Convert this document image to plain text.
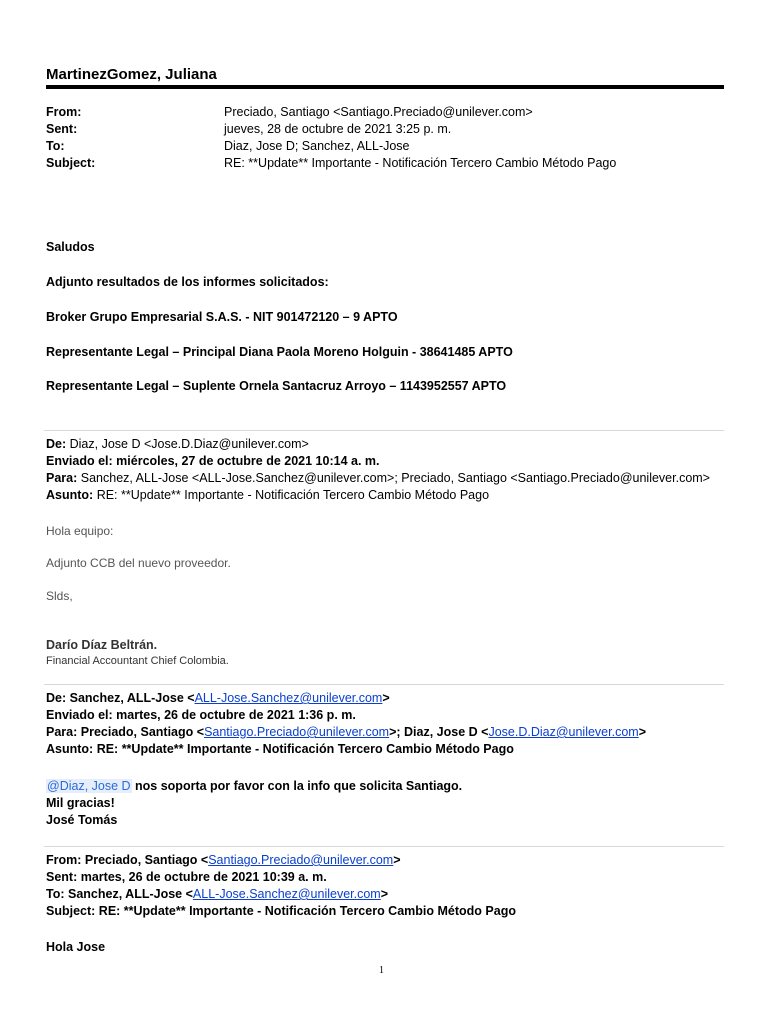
MartinezGomez, Juliana
From:	Preciado, Santiago <Santiago.Preciado@unilever.com>
Sent:	jueves, 28 de octubre de 2021 3:25 p. m.
To:	Diaz, Jose D; Sanchez, ALL-Jose
Subject:	RE: **Update** Importante - Notificación Tercero Cambio Método Pago
Saludos
Adjunto resultados de los informes solicitados:
Broker Grupo Empresarial S.A.S. - NIT 901472120 – 9 APTO
Representante Legal – Principal Diana Paola Moreno Holguin - 38641485 APTO
Representante Legal – Suplente Ornela Santacruz Arroyo – 1143952557 APTO
De: Diaz, Jose D <Jose.D.Diaz@unilever.com>
Enviado el: miércoles, 27 de octubre de 2021 10:14 a. m.
Para: Sanchez, ALL-Jose <ALL-Jose.Sanchez@unilever.com>; Preciado, Santiago <Santiago.Preciado@unilever.com>
Asunto: RE: **Update** Importante - Notificación Tercero Cambio Método Pago
Hola equipo:
Adjunto CCB del nuevo proveedor.
Slds,
Darío Díaz Beltrán.
Financial Accountant Chief Colombia.
De: Sanchez, ALL-Jose <ALL-Jose.Sanchez@unilever.com>
Enviado el: martes, 26 de octubre de 2021 1:36 p. m.
Para: Preciado, Santiago <Santiago.Preciado@unilever.com>; Diaz, Jose D <Jose.D.Diaz@unilever.com>
Asunto: RE: **Update** Importante - Notificación Tercero Cambio Método Pago
@Diaz, Jose D nos soporta por favor con la info que solicita Santiago.
Mil gracias!
José Tomás
From: Preciado, Santiago <Santiago.Preciado@unilever.com>
Sent: martes, 26 de octubre de 2021 10:39 a. m.
To: Sanchez, ALL-Jose <ALL-Jose.Sanchez@unilever.com>
Subject: RE: **Update** Importante - Notificación Tercero Cambio Método Pago
Hola Jose
1
